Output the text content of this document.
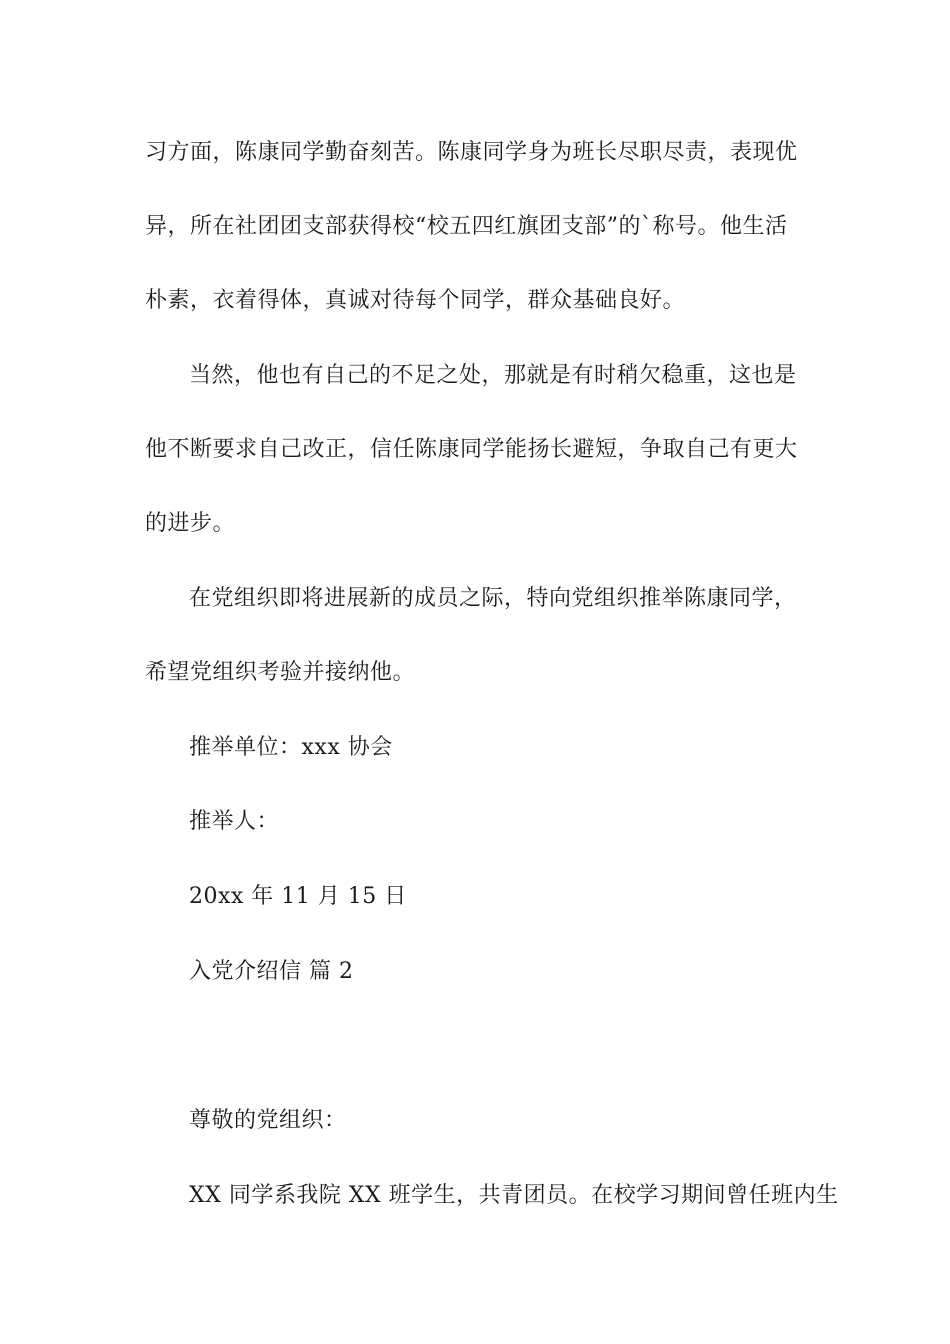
习方面，陈康同学勤奋刻苦。陈康同学身为班长尽职尽责，表现优
异，所在社团团支部获得校“校五四红旗团支部”的`称号。他生活
朴素，衣着得体，真诚对待每个同学，群众基础良好。
当然，他也有自己的不足之处，那就是有时稍欠稳重，这也是
他不断要求自己改正，信任陈康同学能扬长避短，争取自己有更大
的进步。
在党组织即将进展新的成员之际，特向党组织推举陈康同学，
希望党组织考验并接纳他。
推举单位：xxx 协会
推举人：
20xx 年 11 月 15 日
入党介绍信 篇 2
尊敬的党组织：
XX 同学系我院 XX 班学生，共青团员。在校学习期间曾任班内生
